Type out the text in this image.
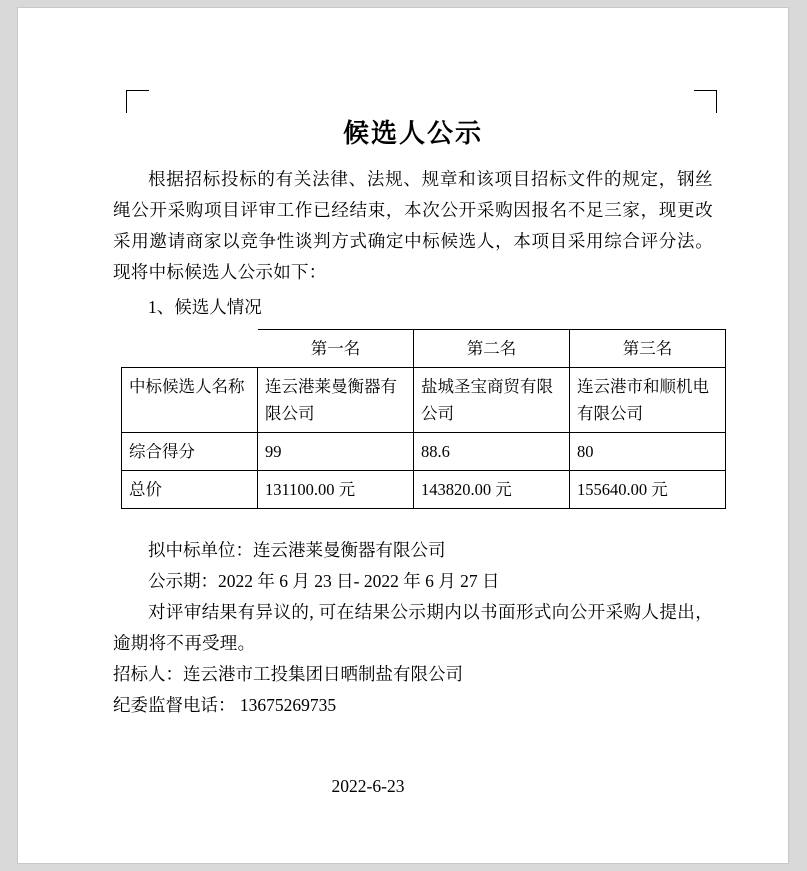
候选人公示

根据招标投标的有关法律、法规、规章和该项目招标文件的规定，钢丝绳公开采购项目评审工作已经结束，本次公开采购因报名不足三家，现更改采用邀请商家以竞争性谈判方式确定中标候选人，本项目采用综合评分法。现将中标候选人公示如下：

1、候选人情况
	第一名	第二名	第三名
中标候选人名称	连云港莱曼衡器有限公司	盐城圣宝商贸有限公司	连云港市和顺机电有限公司
综合得分	99	88.6	80
总价	131100.00 元	143820.00 元	155640.00 元

拟中标单位：连云港莱曼衡器有限公司

公示期：2022 年 6 月 23 日- 2022 年 6 月 27 日

对评审结果有异议的, 可在结果公示期内以书面形式向公开采购人提出，逾期将不再受理。

招标人：连云港市工投集团日晒制盐有限公司

纪委监督电话： 13675269735

2022-6-23
